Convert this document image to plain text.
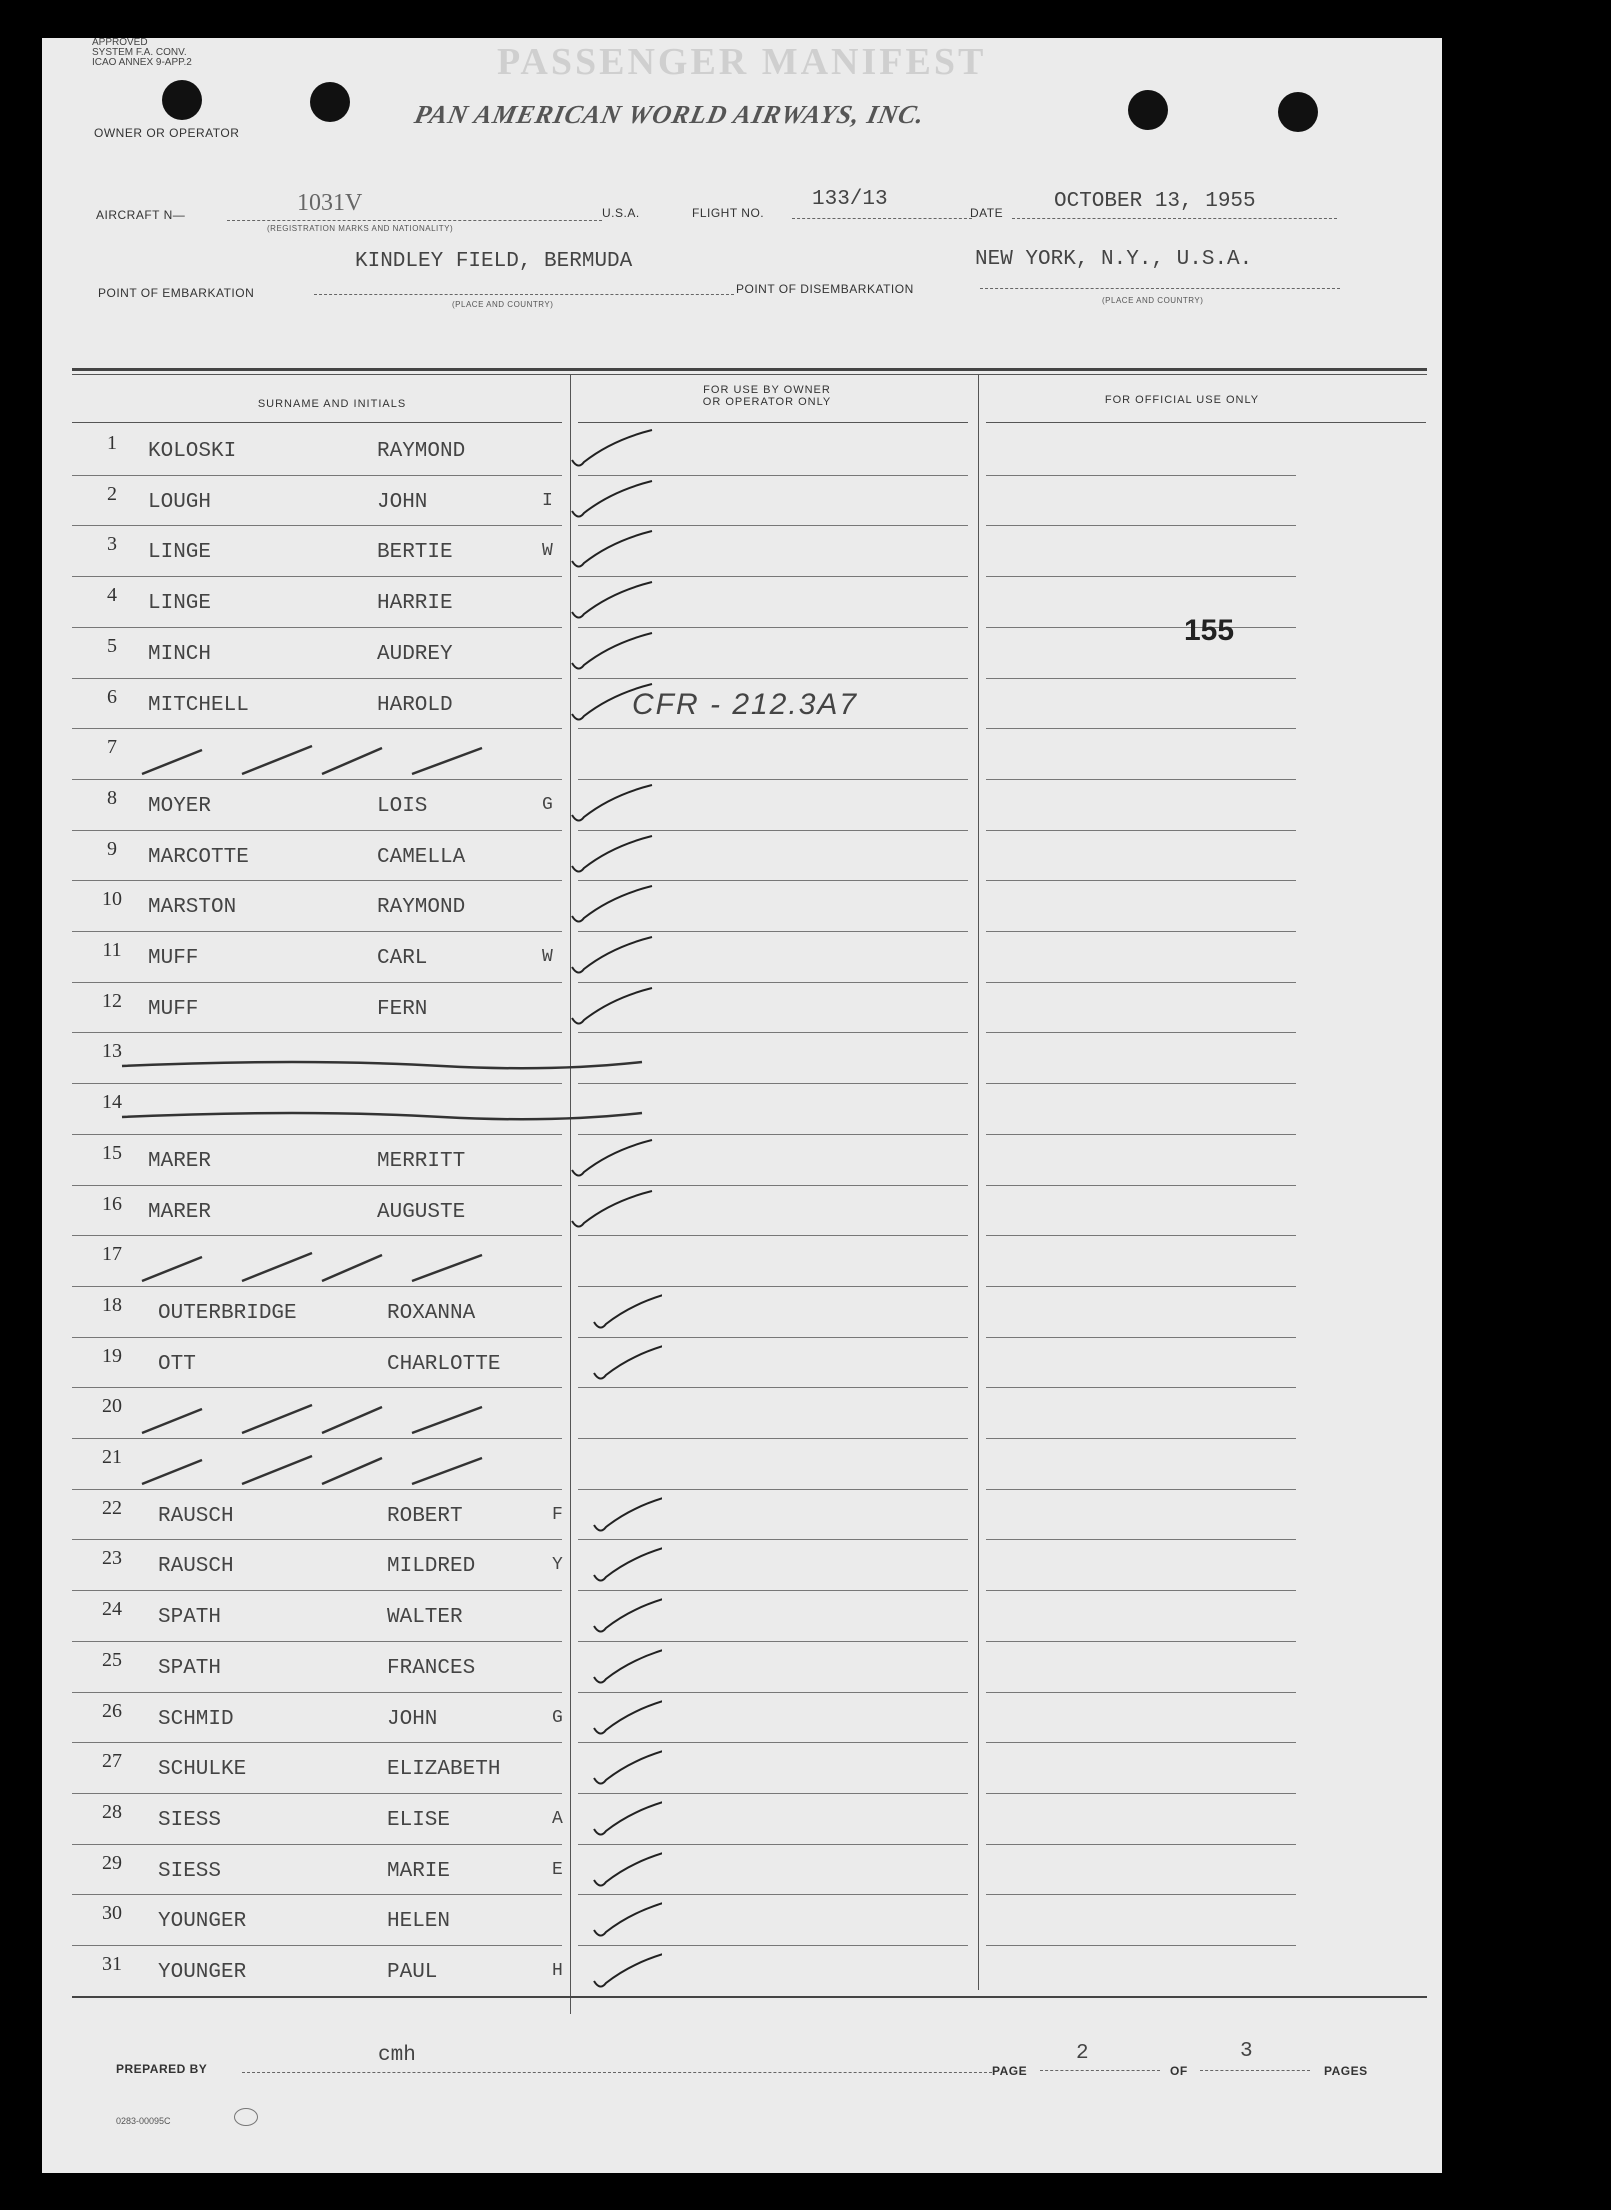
APPROVED
SYSTEM F.A. CONV.
ICAO ANNEX 9-APP.2	PASSENGER MANIFEST
OWNER OR OPERATOR
PAN AMERICAN WORLD AIRWAYS, INC.
AIRCRAFT N—	1031V
(REGISTRATION MARKS AND NATIONALITY)
U.S.A.	FLIGHT NO.
133/13
DATE OCTOBER 13, 1955
KINDLEY FIELD, BERMUDA
POINT OF EMBARKATION
(PLACE AND COUNTRY)
POINT OF DISEMBARKATION
NEW YORK, N.Y., U.S.A.
(PLACE AND COUNTRY)
SURNAME AND INITIALS
FOR USE BY OWNER
OR OPERATOR ONLY	FOR OFFICIAL USE ONLY
1	KOLOSKI	RAYMOND
2	LOUGH	JOHN	I
3	LINGE	BERTIE	W
4	LINGE	HARRIE
5	MINCH	AUDREY
6	MITCHELL	HAROLD
7
8	MOYER	LOIS	G
9	MARCOTTE	CAMELLA
10	MARSTON	RAYMOND
11	MUFF	CARL	W
12	MUFF	FERN
13
14
15	MARER	MERRITT
16	MARER	AUGUSTE
17
18	OUTERBRIDGE	ROXANNA
19	OTT	CHARLOTTE
20
21
22	RAUSCH	ROBERT	F
23	RAUSCH	MILDRED	Y
24	SPATH	WALTER
25	SPATH	FRANCES
26	SCHMID	JOHN	G
27	SCHULKE	ELIZABETH
28	SIESS	ELISE	A
29	SIESS	MARIE	E
30	YOUNGER	HELEN
31	YOUNGER	PAUL	H
155
CFR - 212.3A7
PREPARED BY
cmh
PAGE
2
OF
3
PAGES
0283-00095C
